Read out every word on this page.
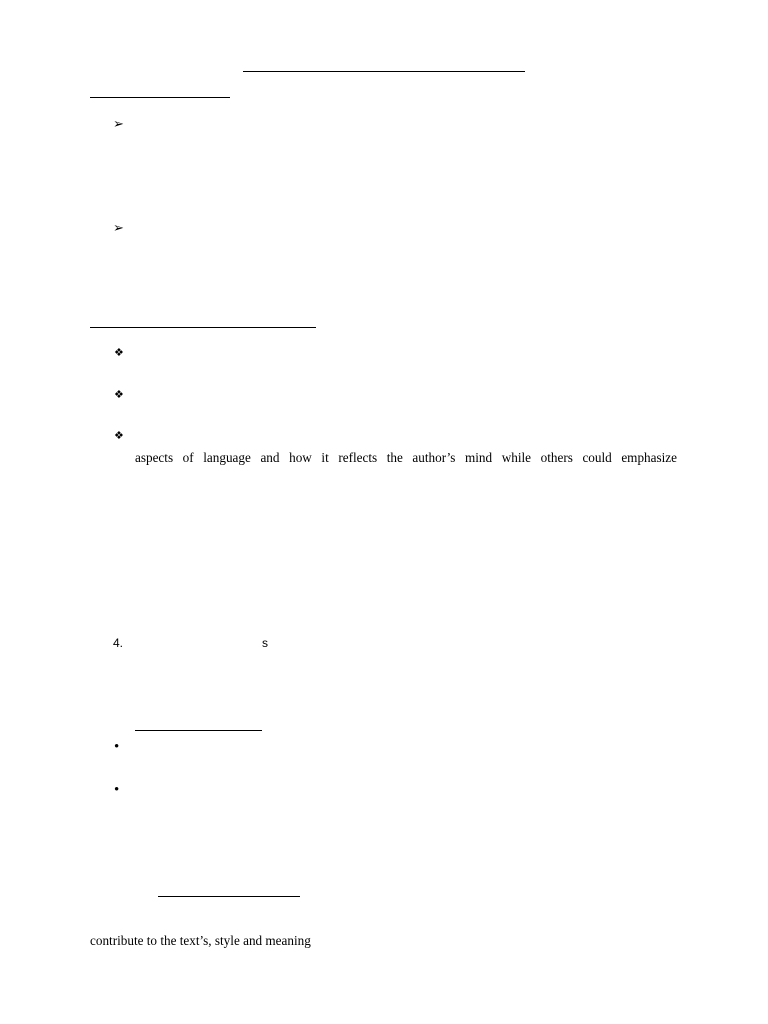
➢
➢
❖
❖
❖
aspects of language and how it reflects the author’s mind while others could emphasize
4.	s
•
•
contribute to the text’s, style and meaning
